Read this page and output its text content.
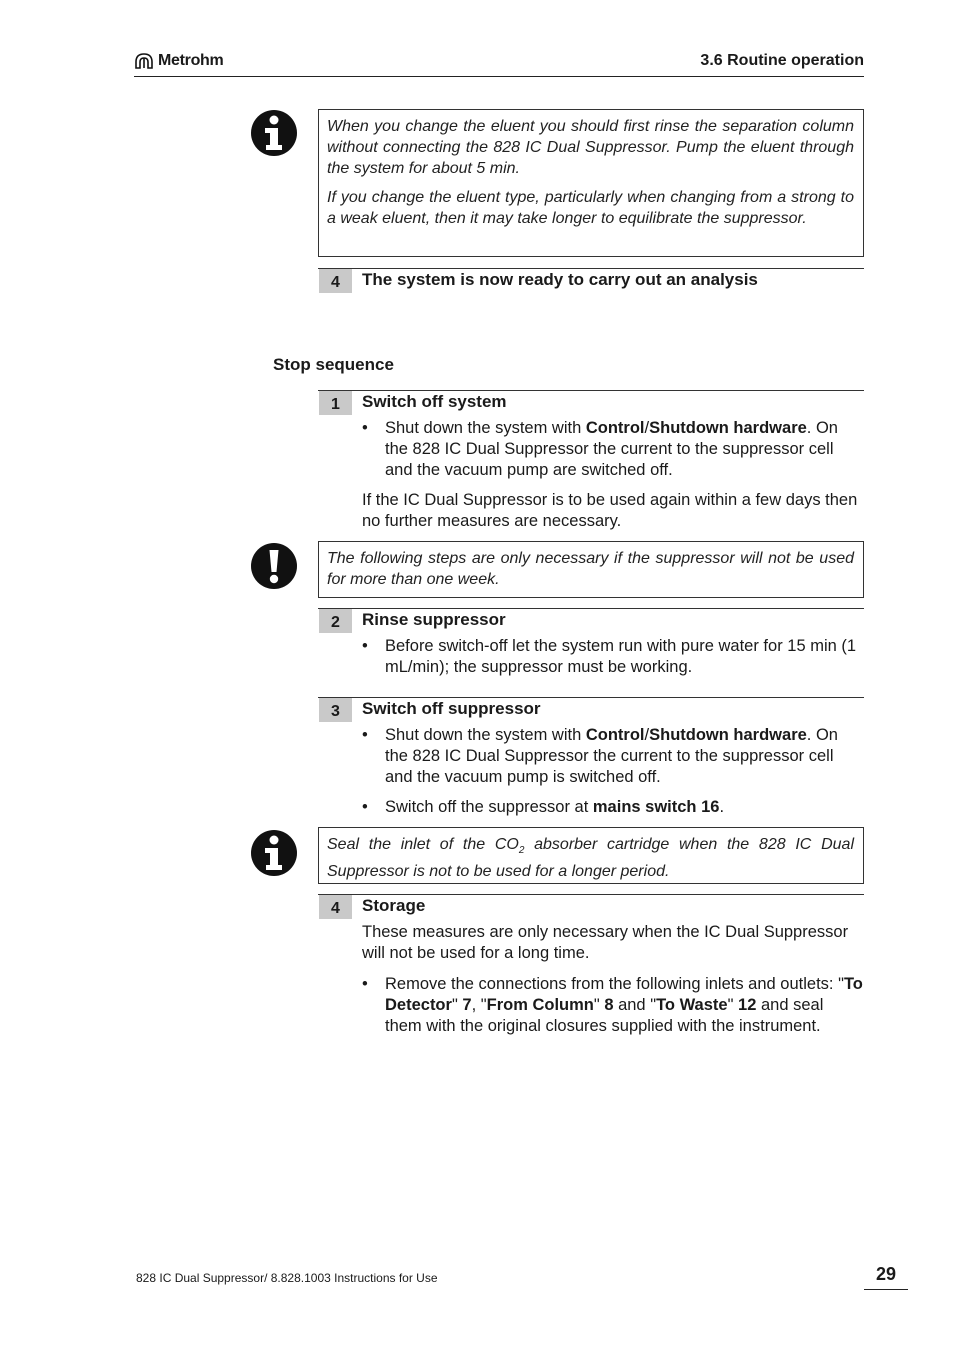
Metrohm	3.6 Routine operation

When you change the eluent you should first rinse the separation column without connecting the 828 IC Dual Suppressor. Pump the eluent through the system for about 5 min.

If you change the eluent type, particularly when changing from a strong to a weak eluent, then it may take longer to equilibrate the suppressor.

4	The system is now ready to carry out an analysis
Stop sequence
1	Switch off system
• Shut down the system with Control/Shutdown hardware. On the 828 IC Dual Suppressor the current to the suppressor cell and the vacuum pump are switched off.
If the IC Dual Suppressor is to be used again within a few days then no further measures are necessary.

The following steps are only necessary if the suppressor will not be used for more than one week.

2	Rinse suppressor
• Before switch-off let the system run with pure water for 15 min (1 mL/min); the suppressor must be working.
3	Switch off suppressor
• Shut down the system with Control/Shutdown hardware. On the 828 IC Dual Suppressor the current to the suppressor cell and the vacuum pump is switched off.
• Switch off the suppressor at mains switch 16.

Seal the inlet of the $CO_2$ absorber cartridge when the 828 IC Dual Suppressor is not to be used for a longer period.

4	Storage
These measures are only necessary when the IC Dual Suppressor will not be used for a long time.
• Remove the connections from the following inlets and outlets: "To Detector" 7, "From Column" 8 and "To Waste" 12 and seal them with the original closures supplied with the instrument.
828 IC Dual Suppressor/ 8.828.1003 Instructions for Use	29
